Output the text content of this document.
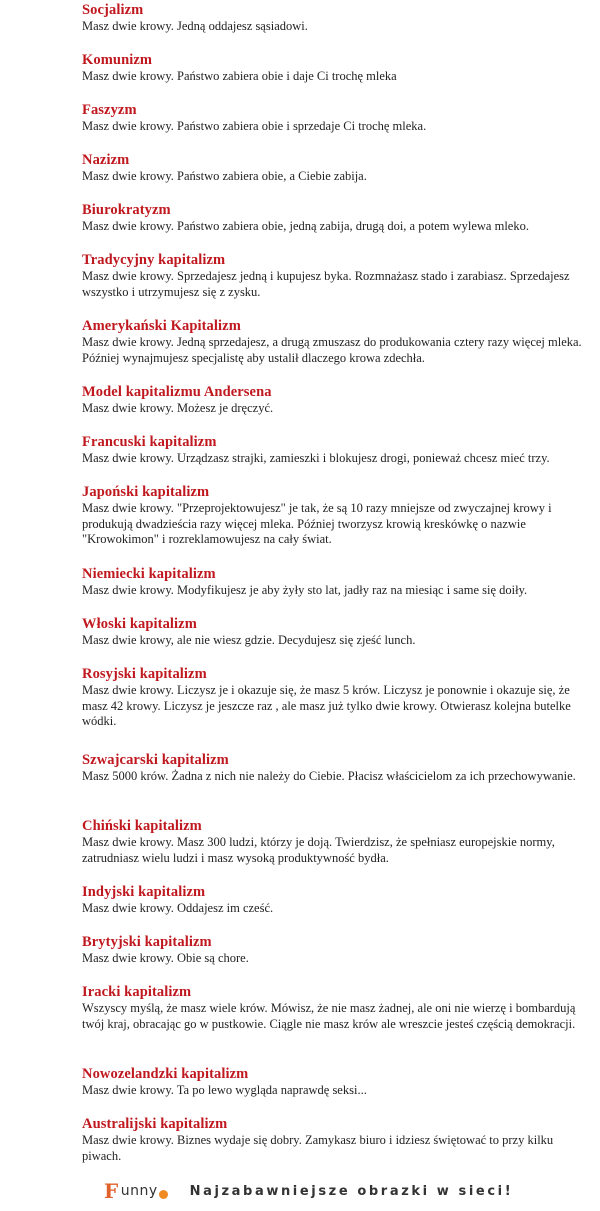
Socjalizm

Masz dwie krowy. Jedną oddajesz sąsiadowi.

Komunizm

Masz dwie krowy. Państwo zabiera obie i daje Ci trochę mleka

Faszyzm

Masz dwie krowy. Państwo zabiera obie i sprzedaje Ci trochę mleka.

Nazizm

Masz dwie krowy. Państwo zabiera obie, a Ciebie zabija.

Biurokratyzm

Masz dwie krowy. Państwo zabiera obie, jedną zabija, drugą doi, a potem wylewa mleko.

Tradycyjny kapitalizm

Masz dwie krowy. Sprzedajesz jedną i kupujesz byka. Rozmnażasz stado i zarabiasz. Sprzedajesz wszystko i utrzymujesz się z zysku.

Amerykański Kapitalizm

Masz dwie krowy. Jedną sprzedajesz, a drugą zmuszasz do produkowania cztery razy więcej mleka. Później wynajmujesz specjalistę aby ustalił dlaczego krowa zdechła.

Model kapitalizmu Andersena

Masz dwie krowy. Możesz je dręczyć.

Francuski kapitalizm

Masz dwie krowy. Urządzasz strajki, zamieszki i blokujesz drogi, ponieważ chcesz mieć trzy.

Japoński kapitalizm

Masz dwie krowy. "Przeprojektowujesz" je tak, że są 10 razy mniejsze od zwyczajnej krowy i produkują dwadzieścia razy więcej mleka. Później tworzysz krowią kreskówkę o nazwie "Krowokimon" i rozreklamowujesz na cały świat.

Niemiecki kapitalizm

Masz dwie krowy. Modyfikujesz je aby żyły sto lat, jadły raz na miesiąc i same się doiły.

Włoski kapitalizm

Masz dwie krowy, ale nie wiesz gdzie. Decydujesz się zjeść lunch.

Rosyjski kapitalizm

Masz dwie krowy. Liczysz je i okazuje się, że masz 5 krów. Liczysz je ponownie i okazuje się, że masz 42 krowy. Liczysz je jeszcze raz , ale masz już tylko dwie krowy. Otwierasz kolejna butelke wódki.

Szwajcarski kapitalizm

Masz 5000 krów. Żadna z nich nie należy do Ciebie. Płacisz właścicielom za ich przechowywanie.

Chiński kapitalizm

Masz dwie krowy. Masz 300 ludzi, którzy je doją. Twierdzisz, że spełniasz europejskie normy, zatrudniasz wielu ludzi i masz wysoką produktywność bydła.

Indyjski kapitalizm

Masz dwie krowy. Oddajesz im cześć.

Brytyjski kapitalizm

Masz dwie krowy. Obie są chore.

Iracki kapitalizm

Wszyscy myślą, że masz wiele krów. Mówisz, że nie masz żadnej, ale oni nie wierzę i bombardują twój kraj, obracając go w pustkowie. Ciągle nie masz krów ale wreszcie jesteś częścią demokracji.

Nowozelandzki kapitalizm

Masz dwie krowy. Ta po lewo wygląda naprawdę seksi...

Australijski kapitalizm

Masz dwie krowy. Biznes wydaje się dobry. Zamykasz biuro i idziesz świętować to przy kilku piwach.

F unny Najzabawniejsze obrazki w sieci!
